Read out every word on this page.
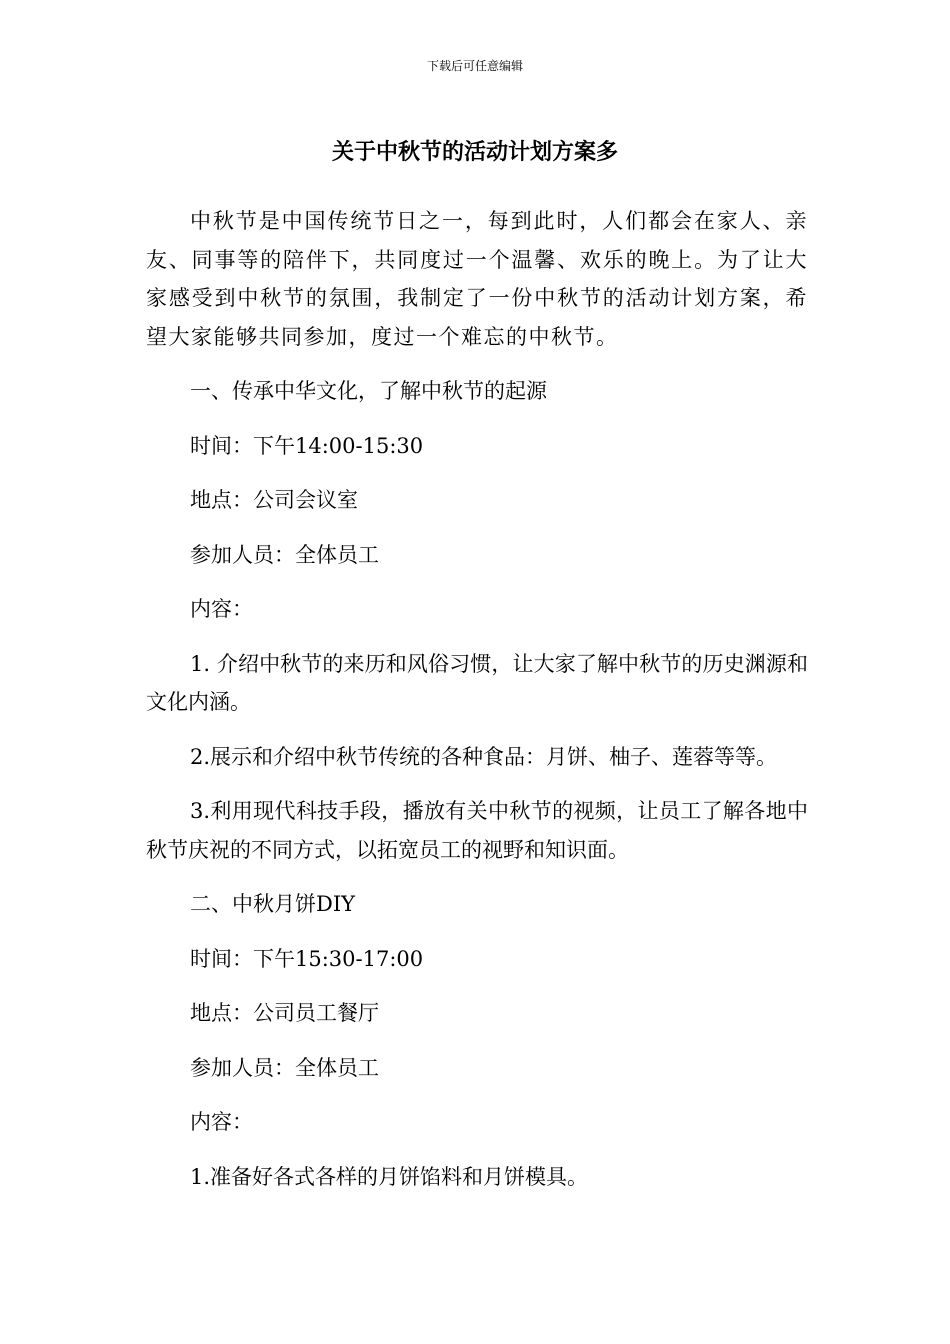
下载后可任意编辑
关于中秋节的活动计划方案多

中秋节是中国传统节日之一，每到此时，人们都会在家人、亲友、同事等的陪伴下，共同度过一个温馨、欢乐的晚上。为了让大家感受到中秋节的氛围，我制定了一份中秋节的活动计划方案，希望大家能够共同参加，度过一个难忘的中秋节。

一、传承中华文化，了解中秋节的起源

时间：下午14:00-15:30

地点：公司会议室

参加人员：全体员工

内容：

1. 介绍中秋节的来历和风俗习惯，让大家了解中秋节的历史渊源和文化内涵。

2.展示和介绍中秋节传统的各种食品：月饼、柚子、莲蓉等等。

3.利用现代科技手段，播放有关中秋节的视频，让员工了解各地中秋节庆祝的不同方式，以拓宽员工的视野和知识面。

二、中秋月饼DIY

时间：下午15:30-17:00

地点：公司员工餐厅

参加人员：全体员工

内容：

1.准备好各式各样的月饼馅料和月饼模具。
